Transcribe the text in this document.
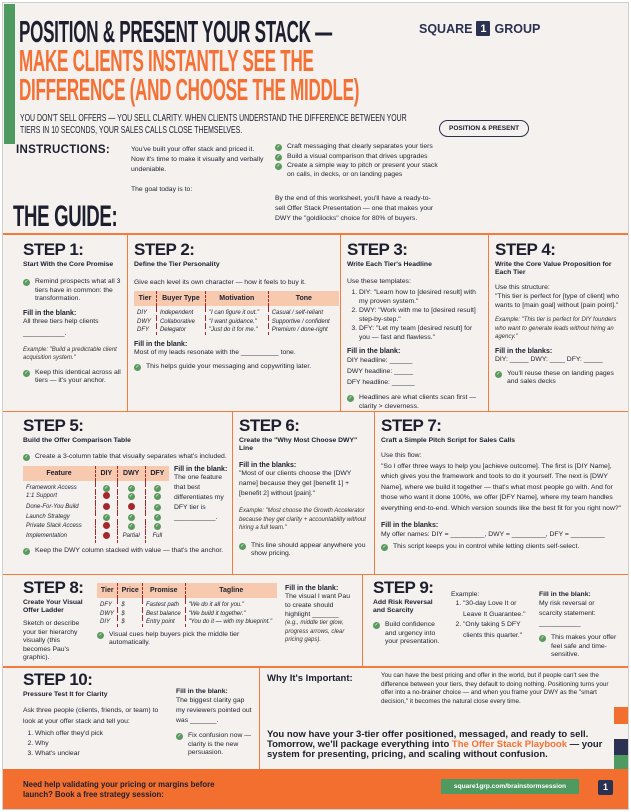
POSITION & PRESENT YOUR STACK —
MAKE CLIENTS INSTANTLY SEE THE
DIFFERENCE (AND CHOOSE THE MIDDLE)
SQUARE 1 GROUP
YOU DON'T SELL OFFERS — YOU SELL CLARITY. WHEN CLIENTS UNDERSTAND THE DIFFERENCE BETWEEN YOUR TIERS IN 10 SECONDS, YOUR SALES CALLS CLOSE THEMSELVES.	POSITION & PRESENT
INSTRUCTIONS:	You've built your offer stack and priced it. Now it's time to make it visually and verbally undeniable.
The goal today is to:
✓ Craft messaging that clearly separates your tiers
✓ Build a visual comparison that drives upgrades
✓ Create a simple way to pitch or present your stack on calls, in decks, or on landing pages
By the end of this worksheet, you'll have a ready-to-sell Offer Stack Presentation — one that makes your DWY the "goldilocks" choice for 80% of buyers.
THE GUIDE:
STEP 1:
Start With the Core Promise
✓ Remind prospects what all 3 tiers have in common: the transformation.
Fill in the blank:
All three tiers help clients
___________.
Example: "Build a predictable client acquisition system."
✓ Keep this identical across all tiers — it's your anchor.
STEP 2:
Define the Tier Personality
Give each level its own character — how it feels to buy it.
Tier	Buyer Type	Motivation	Tone

DIY	Independent	"I can figure it out."	Casual / self-reliant
DWY	Collaborative	"I want guidance."	Supportive / confident
DFY	Delegator	"Just do it for me."	Premium / done-right
Fill in the blank:
Most of my leads resonate with the __________ tone.
✓ This helps guide your messaging and copywriting later.
STEP 3:
Write Each Tier's Headline
Use these templates:
1. DIY: "Learn how to [desired result] with my proven system."
2. DWY: "Work with me to [desired result] step-by-step."
3. DFY: "Let my team [desired result] for you — fast and flawless."
Fill in the blank:
DIY headline: ______
DWY headline: _____
DFY headline: ______
✓ Headlines are what clients scan first — clarity > cleverness.
STEP 4:
Write the Core Value Proposition for Each Tier
Use this structure:
"This tier is perfect for [type of client] who wants to [main goal] without [pain point]."
Example: "This tier is perfect for DIY founders who want to generate leads without hiring an agency."
Fill in the blanks:
DIY: _____ DWY: ____ DFY: _____
✓ You'll reuse these on landing pages and sales decks
STEP 5:
Build the Offer Comparison Table
✓ Create a 3-column table that visually separates what's included.
Feature	DIY	DWY	DFY

Framework Access	✓	✓	✓
1:1 Support		✓	✓
Done-For-You Build			✓
Launch Strategy	✓	✓	✓
Private Slack Access		✓	✓
Implementation		Partial	Full
Fill in the blank:
The one feature that best differentiates my DFY tier is ___________.
✓ Keep the DWY column stacked with value — that's the anchor.
STEP 6:
Create the "Why Most Choose DWY" Line
Fill in the blanks:
"Most of our clients choose the [DWY name] because they get [benefit 1] + [benefit 2] without [pain]."
Example: "Most choose the Growth Accelerator because they get clarity + accountability without hiring a full team."
✓ This line should appear anywhere you show pricing.
STEP 7:
Craft a Simple Pitch Script for Sales Calls
Use this flow:
"So I offer three ways to help you [achieve outcome]. The first is [DIY Name], which gives you the framework and tools to do it yourself. The next is [DWY Name], where we build it together — that's what most people go with. And for those who want it done 100%, we offer [DFY Name], where my team handles everything end-to-end. Which version sounds like the best fit for you right now?"
Fill in the blanks:
My offer names: DIY = _________, DWY = _________, DFY = _________
✓ This script keeps you in control while letting clients self-select.
STEP 8:
Create Your Visual Offer Ladder
Sketch or describe your tier hierarchy visually (this becomes Pau's graphic).
Tier	Price	Promise	Tagline

DFY	$	Fastest path	"We do it all for you."
DWY	$	Best balance	"We build it together."
DIY	$	Entry point	"You do it — with my blueprint."
✓ Visual cues help buyers pick the middle tier automatically.
Fill in the blank:
The visual I want Pau to create should highlight _______
(e.g., middle tier glow, progress arrows, clear pricing gaps).
STEP 9:
Add Risk Reversal and Scarcity
✓ Build confidence and urgency into your presentation.
Example:
1. "30-day Love It or Leave It Guarantee."
2. "Only taking 5 DFY clients this quarter."
Fill in the blank:
My risk reversal or scarcity statement:
___________
✓ This makes your offer feel safe and time-sensitive.
STEP 10:
Pressure Test It for Clarity
Ask three people (clients, friends, or team) to look at your offer stack and tell you:
1. Which offer they'd pick
2. Why
3. What's unclear
Fill in the blank:
The biggest clarity gap my reviewers pointed out was _______.
✓ Fix confusion now — clarity is the new persuasion.
Why It's Important:	You can have the best pricing and offer in the world, but if people can't see the difference between your tiers, they default to doing nothing. Positioning turns your offer into a no-brainer choice — and when you frame your DWY as the "smart decision," it becomes the natural close every time.
You now have your 3-tier offer positioned, messaged, and ready to sell. Tomorrow, we'll package everything into The Offer Stack Playbook — your system for presenting, pricing, and scaling without confusion.
Need help validating your pricing or margins before launch? Book a free strategy session:
square1grp.com/brainstormsession	1
